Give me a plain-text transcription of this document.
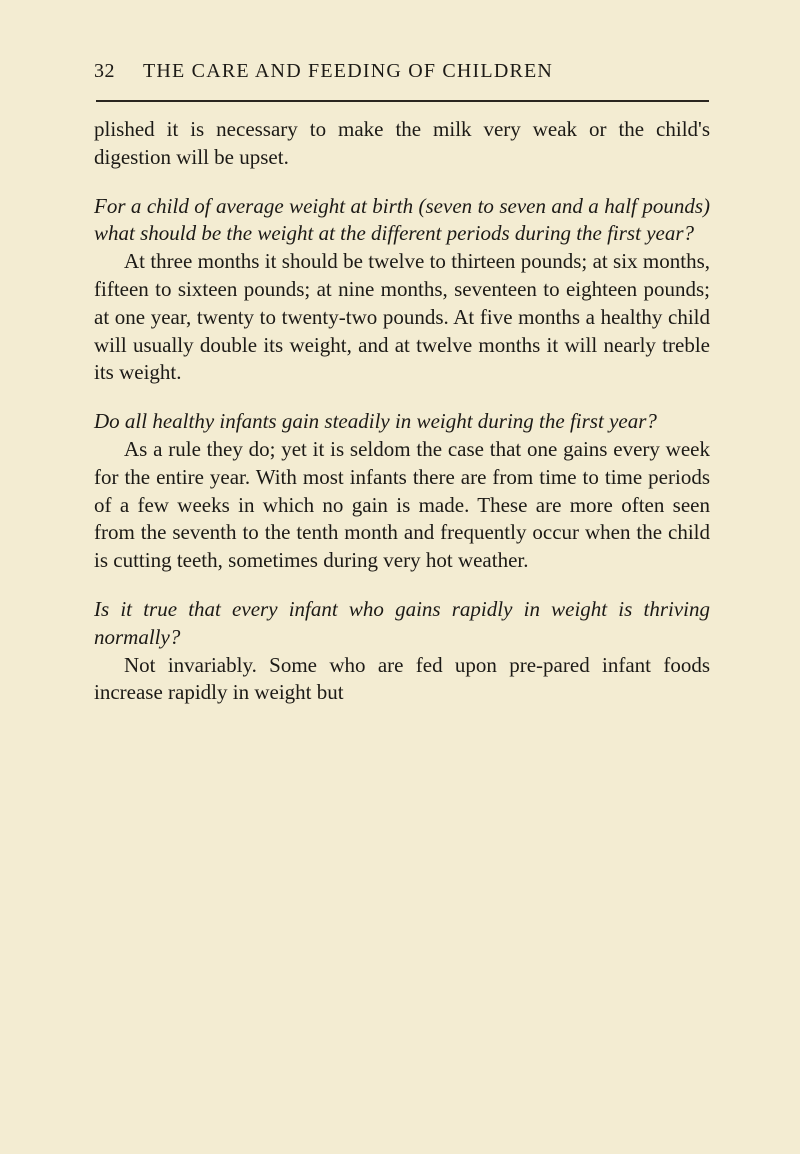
32 THE CARE AND FEEDING OF CHILDREN

plished it is necessary to make the milk very weak or the child's digestion will be upset.

For a child of average weight at birth (seven to seven and a half pounds) what should be the weight at the different periods during the first year?

At three months it should be twelve to thirteen pounds; at six months, fifteen to sixteen pounds; at nine months, seventeen to eighteen pounds; at one year, twenty to twenty-two pounds. At five months a healthy child will usually double its weight, and at twelve months it will nearly treble its weight.

Do all healthy infants gain steadily in weight during the first year?

As a rule they do; yet it is seldom the case that one gains every week for the entire year. With most infants there are from time to time periods of a few weeks in which no gain is made. These are more often seen from the seventh to the tenth month and frequently occur when the child is cutting teeth, sometimes during very hot weather.

Is it true that every infant who gains rapidly in weight is thriving normally?

Not invariably. Some who are fed upon pre-pared infant foods increase rapidly in weight but
